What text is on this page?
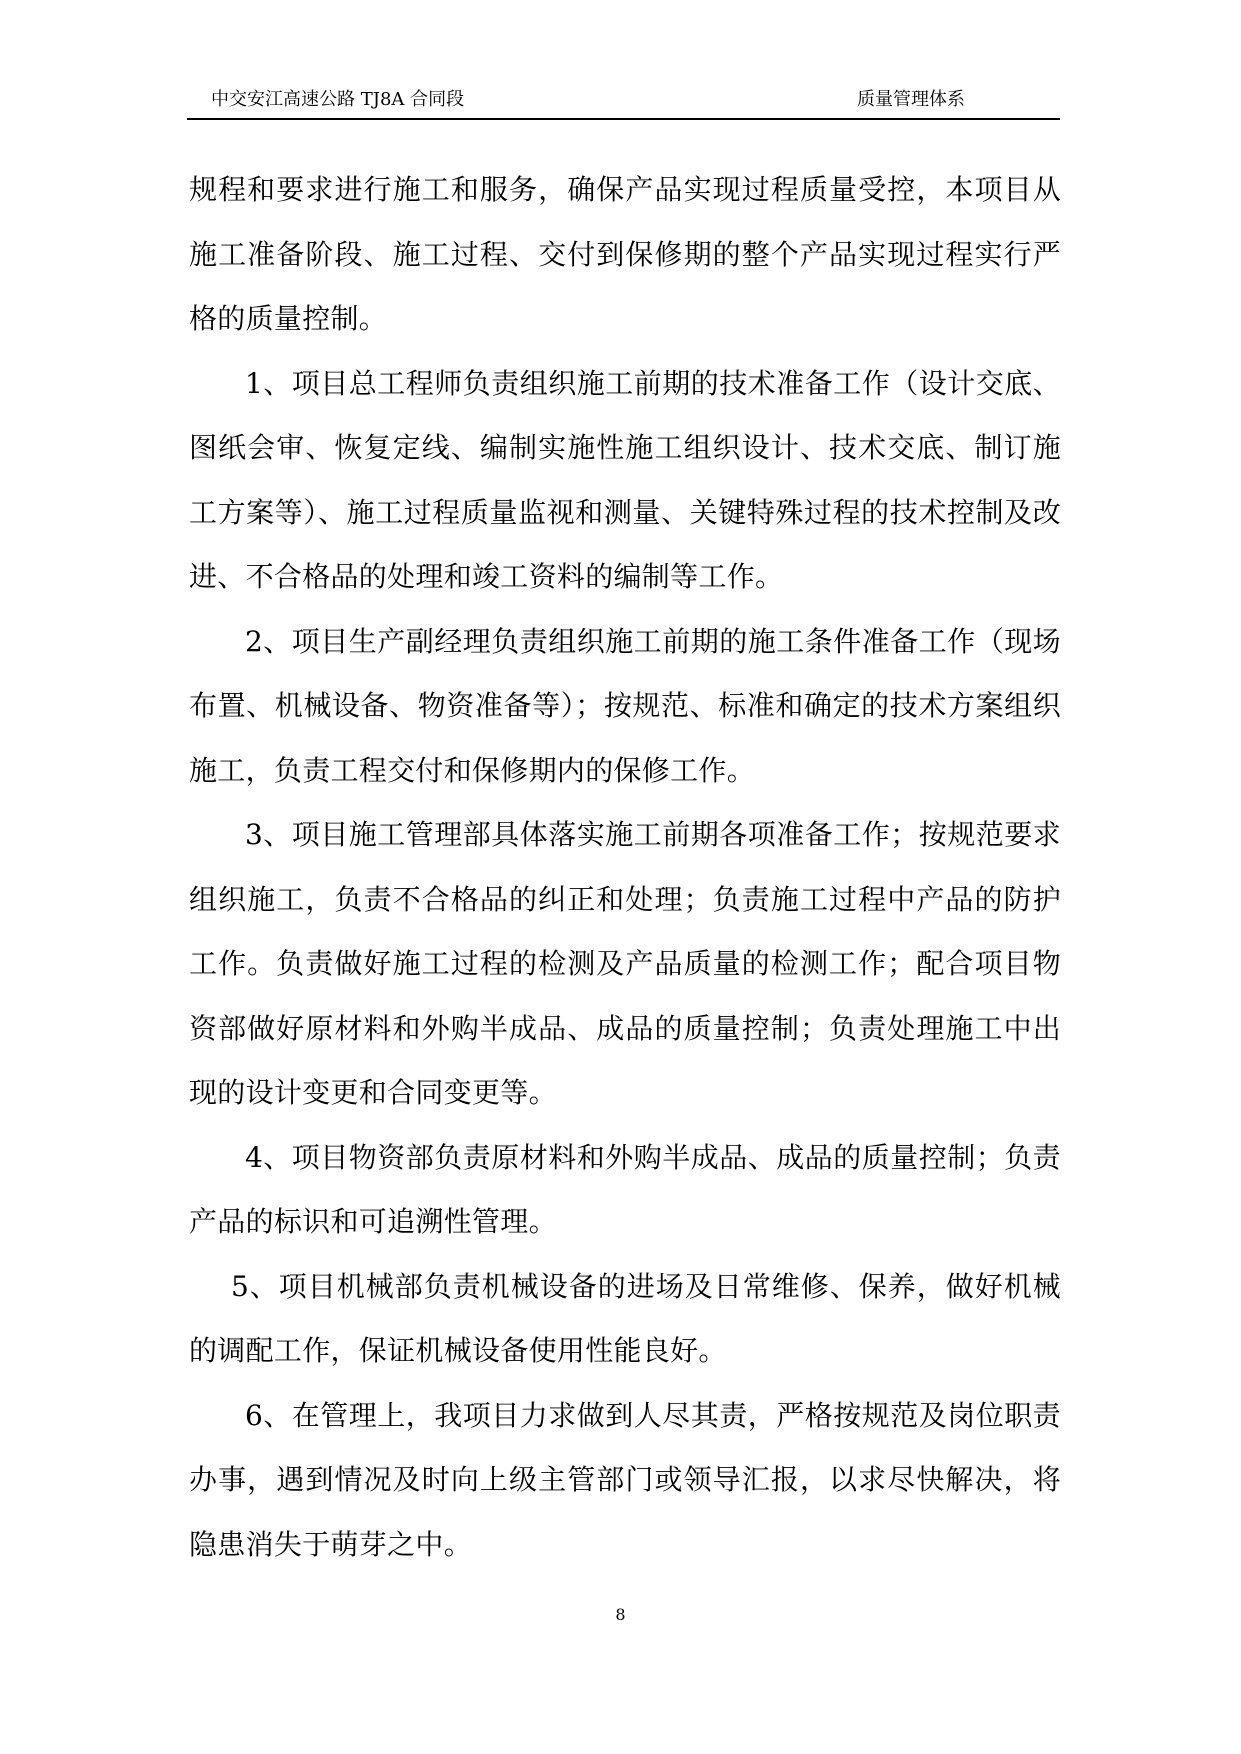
中交安江高速公路 TJ8A 合同段	质量管理体系

规程和要求进行施工和服务，确保产品实现过程质量受控，本项目从施工准备阶段、施工过程、交付到保修期的整个产品实现过程实行严格的质量控制。

1、项目总工程师负责组织施工前期的技术准备工作（设计交底、图纸会审、恢复定线、编制实施性施工组织设计、技术交底、制订施工方案等）、施工过程质量监视和测量、关键特殊过程的技术控制及改进、不合格品的处理和竣工资料的编制等工作。

2、项目生产副经理负责组织施工前期的施工条件准备工作（现场布置、机械设备、物资准备等）；按规范、标准和确定的技术方案组织施工，负责工程交付和保修期内的保修工作。

3、项目施工管理部具体落实施工前期各项准备工作；按规范要求组织施工，负责不合格品的纠正和处理；负责施工过程中产品的防护工作。负责做好施工过程的检测及产品质量的检测工作；配合项目物资部做好原材料和外购半成品、成品的质量控制；负责处理施工中出现的设计变更和合同变更等。

4、项目物资部负责原材料和外购半成品、成品的质量控制；负责产品的标识和可追溯性管理。

5、项目机械部负责机械设备的进场及日常维修、保养，做好机械的调配工作，保证机械设备使用性能良好。

6、在管理上，我项目力求做到人尽其责，严格按规范及岗位职责办事，遇到情况及时向上级主管部门或领导汇报，以求尽快解决，将隐患消失于萌芽之中。

8
